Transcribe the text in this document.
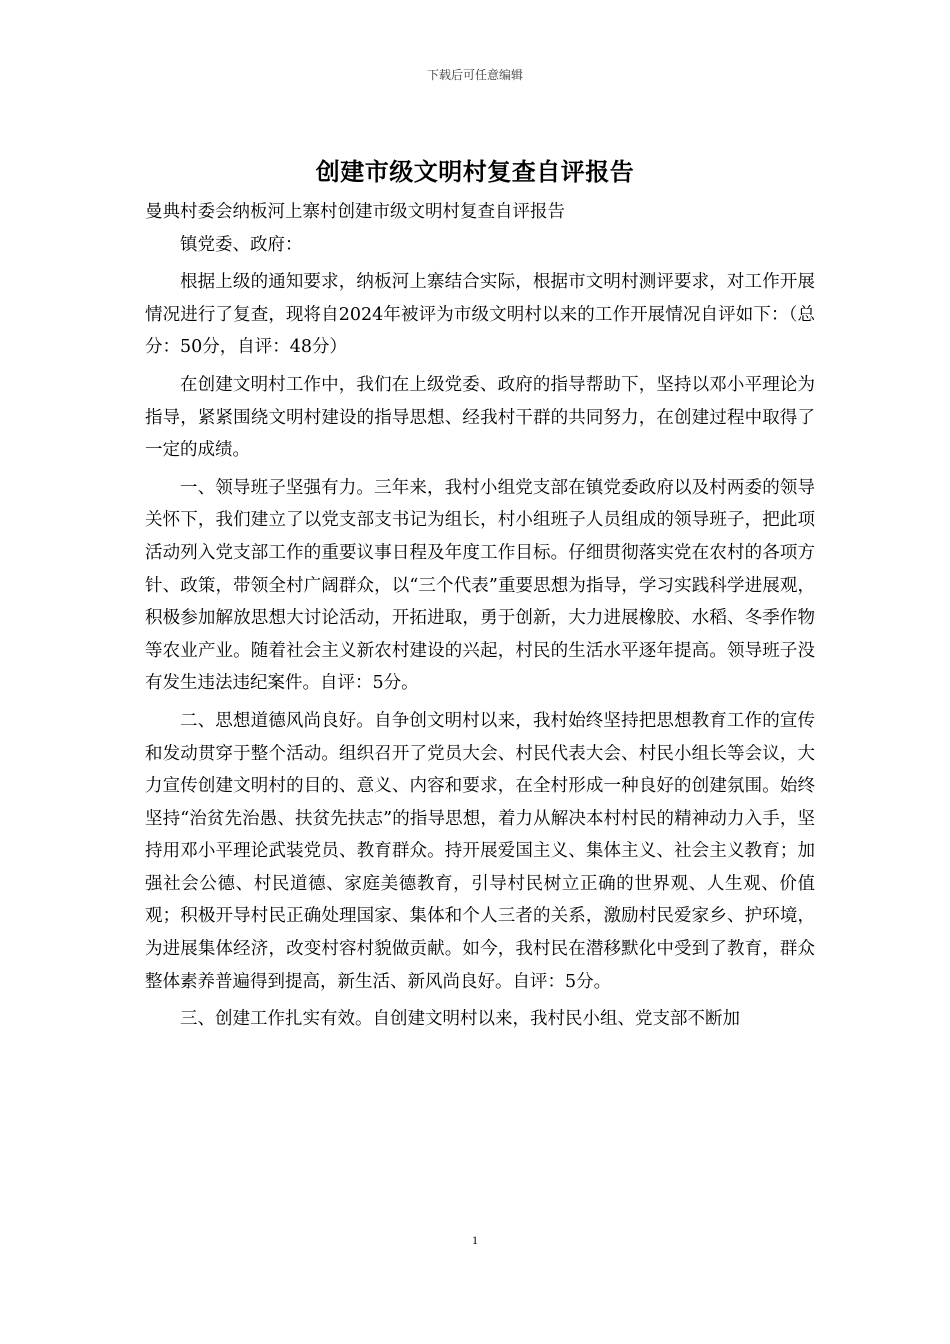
下载后可任意编辑
创建市级文明村复查自评报告

曼典村委会纳板河上寨村创建市级文明村复查自评报告

镇党委、政府：

根据上级的通知要求，纳板河上寨结合实际，根据市文明村测评要求，对工作开展情况进行了复查，现将自2024年被评为市级文明村以来的工作开展情况自评如下：（总分：50分，自评：48分）

在创建文明村工作中，我们在上级党委、政府的指导帮助下，坚持以邓小平理论为指导，紧紧围绕文明村建设的指导思想、经我村干群的共同努力，在创建过程中取得了一定的成绩。

一、领导班子坚强有力。三年来，我村小组党支部在镇党委政府以及村两委的领导关怀下，我们建立了以党支部支书记为组长，村小组班子人员组成的领导班子，把此项活动列入党支部工作的重要议事日程及年度工作目标。仔细贯彻落实党在农村的各项方针、政策，带领全村广阔群众，以“三个代表”重要思想为指导，学习实践科学进展观，积极参加解放思想大讨论活动，开拓进取，勇于创新，大力进展橡胶、水稻、冬季作物等农业产业。随着社会主义新农村建设的兴起，村民的生活水平逐年提高。领导班子没有发生违法违纪案件。自评：5分。

二、思想道德风尚良好。自争创文明村以来，我村始终坚持把思想教育工作的宣传和发动贯穿于整个活动。组织召开了党员大会、村民代表大会、村民小组长等会议，大力宣传创建文明村的目的、意义、内容和要求，在全村形成一种良好的创建氛围。始终坚持“治贫先治愚、扶贫先扶志”的指导思想，着力从解决本村村民的精神动力入手，坚持用邓小平理论武装党员、教育群众。持开展爱国主义、集体主义、社会主义教育；加强社会公德、村民道德、家庭美德教育，引导村民树立正确的世界观、人生观、价值观；积极开导村民正确处理国家、集体和个人三者的关系，激励村民爱家乡、护环境，为进展集体经济，改变村容村貌做贡献。如今，我村民在潜移默化中受到了教育，群众整体素养普遍得到提高，新生活、新风尚良好。自评：5分。

三、创建工作扎实有效。自创建文明村以来，我村民小组、党支部不断加

1
